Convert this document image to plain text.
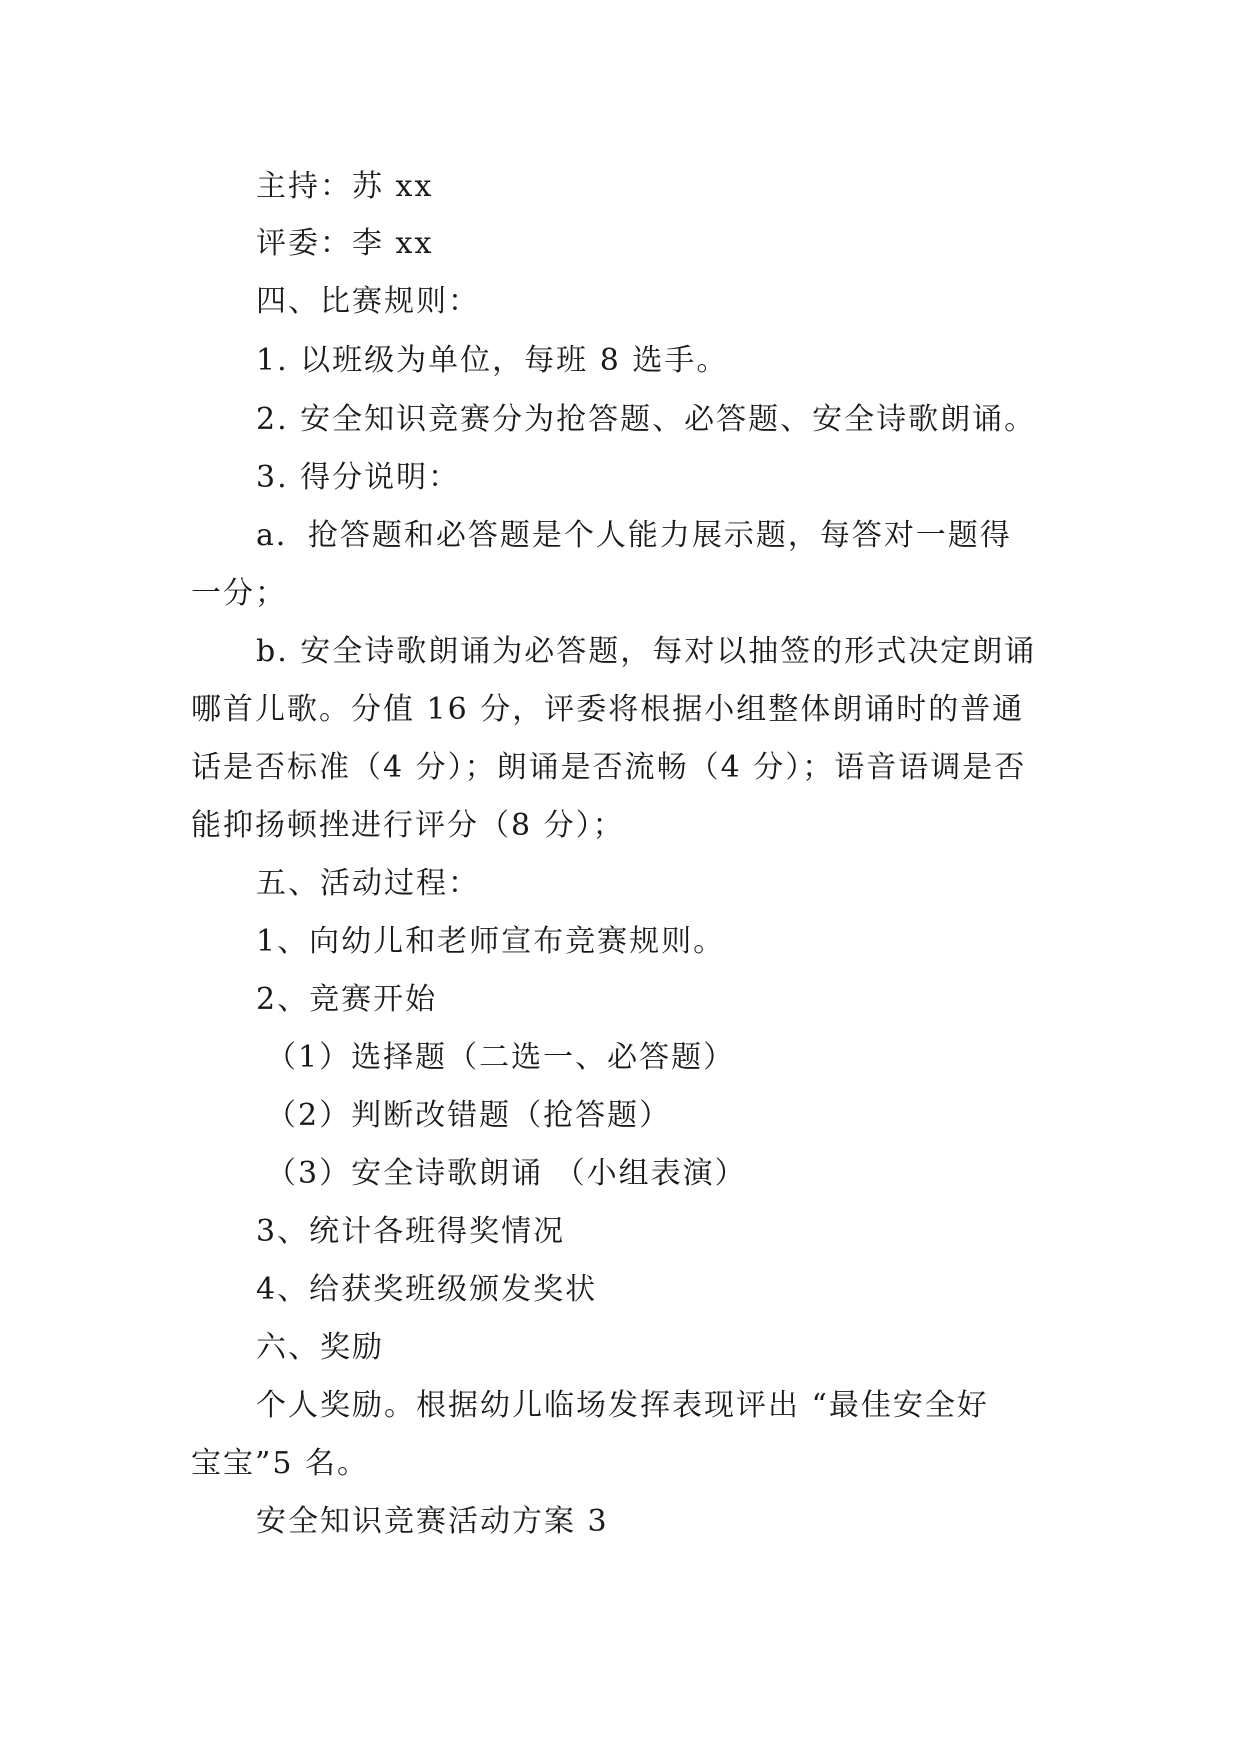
主持：苏 xx
评委：李 xx
四、比赛规则：
1. 以班级为单位，每班 8 选手。
2. 安全知识竞赛分为抢答题、必答题、安全诗歌朗诵。
3. 得分说明：
a．抢答题和必答题是个人能力展示题，每答对一题得
一分；
b. 安全诗歌朗诵为必答题，每对以抽签的形式决定朗诵
哪首儿歌。分值 16 分，评委将根据小组整体朗诵时的普通
话是否标准（4 分）；朗诵是否流畅（4 分）；语音语调是否
能抑扬顿挫进行评分（8 分）；
五、活动过程：
1、向幼儿和老师宣布竞赛规则。
2、竞赛开始
（1）选择题（二选一、必答题）
（2）判断改错题（抢答题）
（3）安全诗歌朗诵 （小组表演）
3、统计各班得奖情况
4、给获奖班级颁发奖状
六、奖励
个人奖励。根据幼儿临场发挥表现评出 “最佳安全好
宝宝”5 名。
安全知识竞赛活动方案 3
